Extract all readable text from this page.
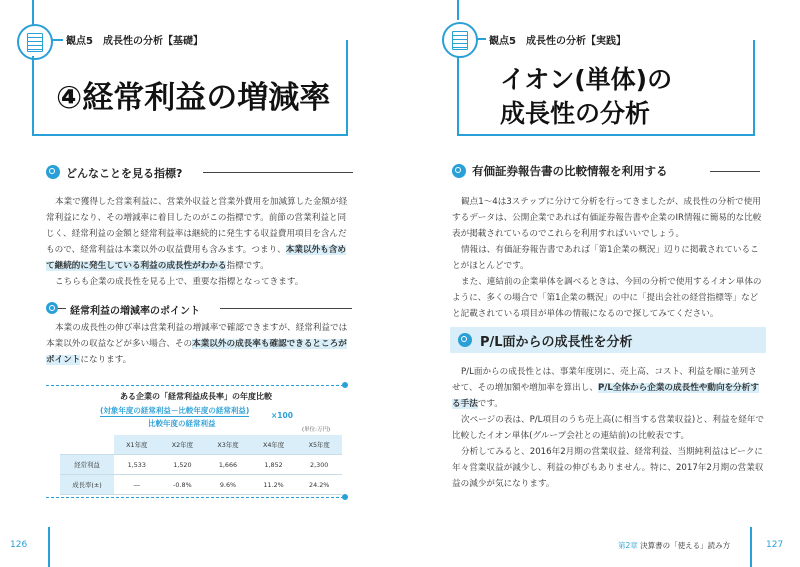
観点5　成長性の分析【基礎】
④経常利益の増減率
どんなことを見る指標?

本業で獲得した営業利益に、営業外収益と営業外費用を加減算した金額が経常利益になり、その増減率に着目したのがこの指標です。前節の営業利益と同じく、経常利益の金額と経常利益率は継続的に発生する収益費用項目を含んだもので、経常利益は本業以外の収益費用も含みます。つまり、本業以外も含めて継続的に発生している利益の成長性がわかる指標です。

こちらも企業の成長性を見る上で、重要な指標となってきます。

経常利益の増減率のポイント

本業の成長性の伸び率は営業利益の増減率で確認できますが、経常利益では本業以外の収益などが多い場合、その本業以外の成長率も確認できるところがポイントになります。

ある企業の「経常利益成長率」の年度比較
(対象年度の経常利益－比較年度の経常利益)
比較年度の経常利益
×100
(単位:万円)
	X1年度	X2年度	X3年度	X4年度	X5年度
経常利益	1,533	1,520	1,666	1,852	2,300
成長率(±)	―	-0.8%	9.6%	11.2%	24.2%
126
観点5　成長性の分析【実践】
イオン(単体)の
成長性の分析
有価証券報告書の比較情報を利用する

観点1～4は3ステップに分けて分析を行ってきましたが、成長性の分析で使用するデータは、公開企業であれば有価証券報告書や企業のIR情報に簡易的な比較表が掲載されているのでこれらを利用すればいいでしょう。

情報は、有価証券報告書であれば「第1企業の概況」辺りに掲載されていることがほとんどです。

また、連結前の企業単体を調べるときは、今回の分析で使用するイオン単体のように、多くの場合で「第1企業の概況」の中に「提出会社の経営指標等」などと記載されている項目が単体の情報になるので探してみてください。

P/L面からの成長性を分析

P/L面からの成長性とは、事業年度別に、売上高、コスト、利益を順に並列させて、その増加額や増加率を算出し、P/L全体から企業の成長性や動向を分析する手法です。

次ページの表は、P/L項目のうち売上高(に相当する営業収益)と、利益を経年で比較したイオン単体(グループ会社との連結前)の比較表です。

分析してみると、2016年2月期の営業収益、経常利益、当期純利益はピークに年々営業収益が減少し、利益の伸びもありません。特に、2017年2月期の営業収益の減少が気になります。

第2章 決算書の「使える」読み方	127
